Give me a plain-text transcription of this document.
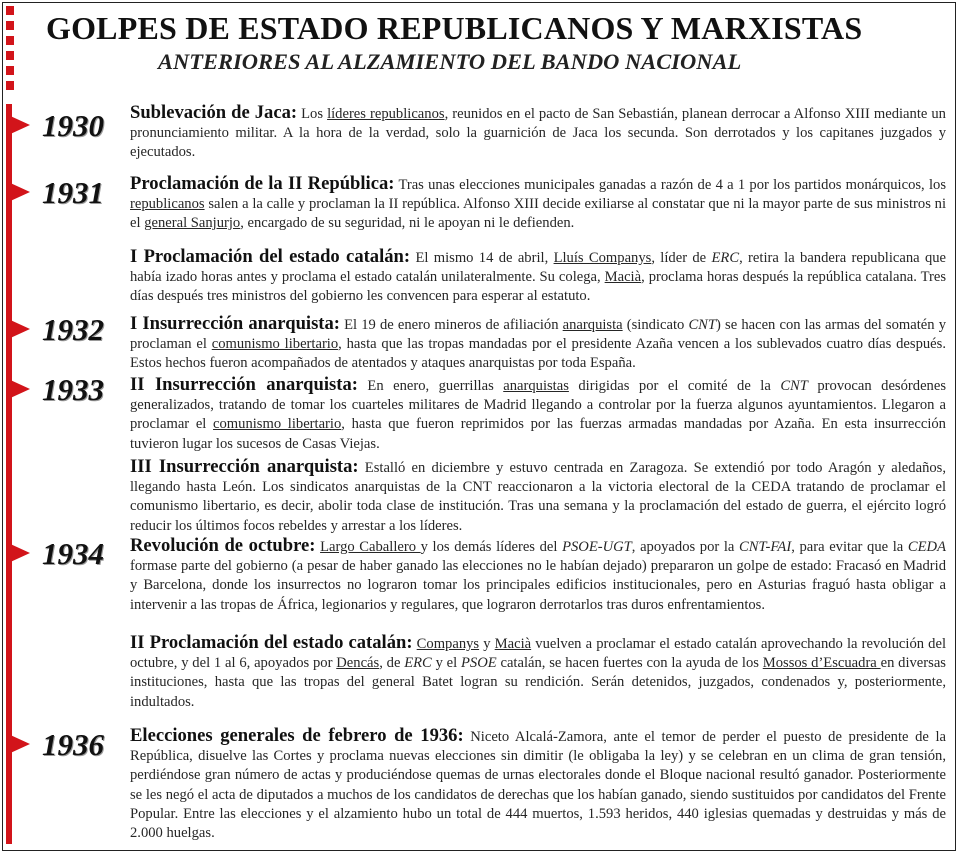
GOLPES DE ESTADO REPUBLICANOS Y MARXISTAS
ANTERIORES AL ALZAMIENTO DEL BANDO NACIONAL
1930
1931
1932
1933
1934
1936

Sublevación de Jaca: Los líderes republicanos, reunidos en el pacto de San Sebastián, planean derrocar a Alfonso XIII mediante un pronunciamiento militar. A la hora de la verdad, solo la guarnición de Jaca los secunda. Son derrotados y los capitanes juzgados y ejecutados.

Proclamación de la II República: Tras unas elecciones municipales ganadas a razón de 4 a 1 por los partidos monárquicos, los republicanos salen a la calle y proclaman la II república. Alfonso XIII decide exiliarse al constatar que ni la mayor parte de sus ministros ni el general Sanjurjo, encargado de su seguridad, ni le apoyan ni le defienden.

I Proclamación del estado catalán: El mismo 14 de abril, Lluís Companys, líder de ERC, retira la bandera republicana que había izado horas antes y proclama el estado catalán unilateralmente. Su colega, Macià, proclama horas después la república catalana. Tres días después tres ministros del gobierno les convencen para esperar al estatuto.

I Insurrección anarquista: El 19 de enero mineros de afiliación anarquista (sindicato CNT) se hacen con las armas del somatén y proclaman el comunismo libertario, hasta que las tropas mandadas por el presidente Azaña vencen a los sublevados cuatro días después. Estos hechos fueron acompañados de atentados y ataques anarquistas por toda España.

II Insurrección anarquista: En enero, guerrillas anarquistas dirigidas por el comité de la CNT provocan desórdenes generalizados, tratando de tomar los cuarteles militares de Madrid llegando a controlar por la fuerza algunos ayuntamientos. Llegaron a proclamar el comunismo libertario, hasta que fueron reprimidos por las fuerzas armadas mandadas por Azaña. En esta insurrección tuvieron lugar los sucesos de Casas Viejas.

III Insurrección anarquista: Estalló en diciembre y estuvo centrada en Zaragoza. Se extendió por todo Aragón y aledaños, llegando hasta León. Los sindicatos anarquistas de la CNT reaccionaron a la victoria electoral de la CEDA tratando de proclamar el comunismo libertario, es decir, abolir toda clase de institución. Tras una semana y la proclamación del estado de guerra, el ejército logró reducir los últimos focos rebeldes y arrestar a los líderes.

Revolución de octubre: Largo Caballero y los demás líderes del PSOE-UGT, apoyados por la CNT-FAI, para evitar que la CEDA formase parte del gobierno (a pesar de haber ganado las elecciones no le habían dejado) prepararon un golpe de estado: Fracasó en Madrid y Barcelona, donde los insurrectos no lograron tomar los principales edificios institucionales, pero en Asturias fraguó hasta obligar a intervenir a las tropas de África, legionarios y regulares, que lograron derrotarlos tras duros enfrentamientos.

II Proclamación del estado catalán: Companys y Macià vuelven a proclamar el estado catalán aprovechando la revolución del octubre, y del 1 al 6, apoyados por Dencás, de ERC y el PSOE catalán, se hacen fuertes con la ayuda de los Mossos d’Escuadra en diversas instituciones, hasta que las tropas del general Batet logran su rendición. Serán detenidos, juzgados, condenados y, posteriormente, indultados.

Elecciones generales de febrero de 1936: Niceto Alcalá-Zamora, ante el temor de perder el puesto de presidente de la República, disuelve las Cortes y proclama nuevas elecciones sin dimitir (le obligaba la ley) y se celebran en un clima de gran tensión, perdiéndose gran número de actas y produciéndose quemas de urnas electorales donde el Bloque nacional resultó ganador. Posteriormente se les negó el acta de diputados a muchos de los candidatos de derechas que los habían ganado, siendo sustituidos por candidatos del Frente Popular. Entre las elecciones y el alzamiento hubo un total de 444 muertos, 1.593 heridos, 440 iglesias quemadas y destruidas y más de 2.000 huelgas.
